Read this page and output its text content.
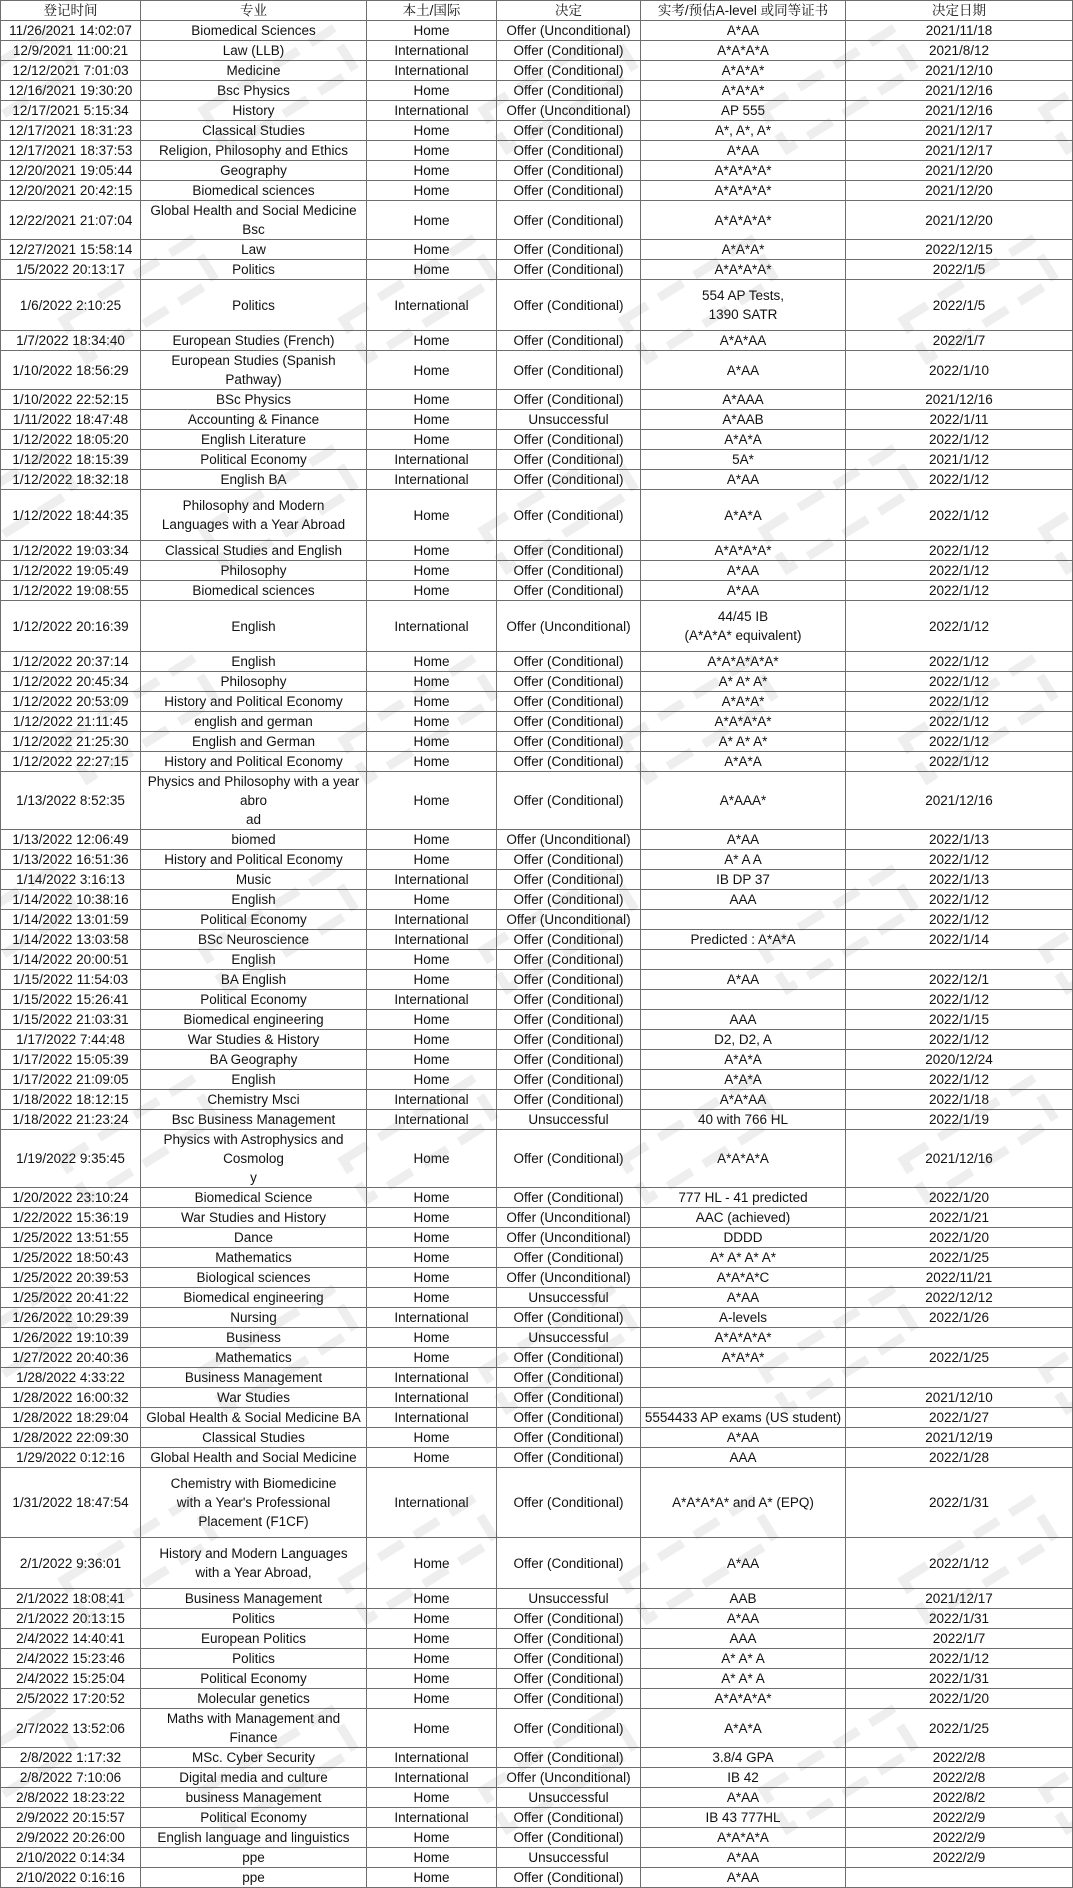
登记时间	专业	本土/国际	决定	实考/预估A-level 或同等证书	决定日期
11/26/2021 14:02:07	Biomedical Sciences	Home	Offer (Unconditional)	A*AA	2021/11/18
12/9/2021 11:00:21	Law (LLB)	International	Offer (Conditional)	A*A*A*A	2021/8/12
12/12/2021 7:01:03	Medicine	International	Offer (Conditional)	A*A*A*	2021/12/10
12/16/2021 19:30:20	Bsc Physics	Home	Offer (Conditional)	A*A*A*	2021/12/16
12/17/2021 5:15:34	History	International	Offer (Unconditional)	AP 555	2021/12/16
12/17/2021 18:31:23	Classical Studies	Home	Offer (Conditional)	A*, A*, A*	2021/12/17
12/17/2021 18:37:53	Religion, Philosophy and Ethics	Home	Offer (Conditional)	A*AA	2021/12/17
12/20/2021 19:05:44	Geography	Home	Offer (Conditional)	A*A*A*A*	2021/12/20
12/20/2021 20:42:15	Biomedical sciences	Home	Offer (Conditional)	A*A*A*A*	2021/12/20
12/22/2021 21:07:04	Global Health and Social Medicine Bsc	Home	Offer (Conditional)	A*A*A*A*	2021/12/20
12/27/2021 15:58:14	Law	Home	Offer (Conditional)	A*A*A*	2022/12/15
1/5/2022 20:13:17	Politics	Home	Offer (Conditional)	A*A*A*A*	2022/1/5
1/6/2022 2:10:25	Politics	International	Offer (Conditional)	554 AP Tests,
1390 SATR	2022/1/5
1/7/2022 18:34:40	European Studies (French)	Home	Offer (Conditional)	A*A*AA	2022/1/7
1/10/2022 18:56:29	European Studies (Spanish Pathway)	Home	Offer (Conditional)	A*AA	2022/1/10
1/10/2022 22:52:15	BSc Physics	Home	Offer (Conditional)	A*AAA	2021/12/16
1/11/2022 18:47:48	Accounting & Finance	Home	Unsuccessful	A*AAB	2022/1/11
1/12/2022 18:05:20	English Literature	Home	Offer (Conditional)	A*A*A	2022/1/12
1/12/2022 18:15:39	Political Economy	International	Offer (Conditional)	5A*	2021/1/12
1/12/2022 18:32:18	English BA	International	Offer (Conditional)	A*AA	2022/1/12
1/12/2022 18:44:35	Philosophy and Modern
Languages with a Year Abroad	Home	Offer (Conditional)	A*A*A	2022/1/12
1/12/2022 19:03:34	Classical Studies and English	Home	Offer (Conditional)	A*A*A*A*	2022/1/12
1/12/2022 19:05:49	Philosophy	Home	Offer (Conditional)	A*AA	2022/1/12
1/12/2022 19:08:55	Biomedical sciences	Home	Offer (Conditional)	A*AA	2022/1/12
1/12/2022 20:16:39	English	International	Offer (Unconditional)	44/45 IB
(A*A*A* equivalent)	2022/1/12
1/12/2022 20:37:14	English	Home	Offer (Conditional)	A*A*A*A*A*	2022/1/12
1/12/2022 20:45:34	Philosophy	Home	Offer (Conditional)	A* A* A*	2022/1/12
1/12/2022 20:53:09	History and Political Economy	Home	Offer (Conditional)	A*A*A*	2022/1/12
1/12/2022 21:11:45	english and german	Home	Offer (Conditional)	A*A*A*A*	2022/1/12
1/12/2022 21:25:30	English and German	Home	Offer (Conditional)	A* A* A*	2022/1/12
1/12/2022 22:27:15	History and Political Economy	Home	Offer (Conditional)	A*A*A	2022/1/12
1/13/2022 8:52:35	Physics and Philosophy with a year abro
ad	Home	Offer (Conditional)	A*AAA*	2021/12/16
1/13/2022 12:06:49	biomed	Home	Offer (Unconditional)	A*AA	2022/1/13
1/13/2022 16:51:36	History and Political Economy	Home	Offer (Conditional)	A* A A	2022/1/12
1/14/2022 3:16:13	Music	International	Offer (Conditional)	IB DP 37	2022/1/13
1/14/2022 10:38:16	English	Home	Offer (Conditional)	AAA	2022/1/12
1/14/2022 13:01:59	Political Economy	International	Offer (Unconditional)		2022/1/12
1/14/2022 13:03:58	BSc Neuroscience	International	Offer (Conditional)	Predicted : A*A*A	2022/1/14
1/14/2022 20:00:51	English	Home	Offer (Conditional)		
1/15/2022 11:54:03	BA English	Home	Offer (Conditional)	A*AA	2022/12/1
1/15/2022 15:26:41	Political Economy	International	Offer (Conditional)		2022/1/12
1/15/2022 21:03:31	Biomedical engineering	Home	Offer (Conditional)	AAA	2022/1/15
1/17/2022 7:44:48	War Studies & History	Home	Offer (Conditional)	D2, D2, A	2022/1/12
1/17/2022 15:05:39	BA Geography	Home	Offer (Conditional)	A*A*A	2020/12/24
1/17/2022 21:09:05	English	Home	Offer (Conditional)	A*A*A	2022/1/12
1/18/2022 18:12:15	Chemistry Msci	International	Offer (Conditional)	A*A*AA	2022/1/18
1/18/2022 21:23:24	Bsc Business Management	International	Unsuccessful	40 with 766 HL	2022/1/19
1/19/2022 9:35:45	Physics with Astrophysics and Cosmolog
y	Home	Offer (Conditional)	A*A*A*A	2021/12/16
1/20/2022 23:10:24	Biomedical Science	Home	Offer (Conditional)	777 HL - 41 predicted	2022/1/20
1/22/2022 15:36:19	War Studies and History	Home	Offer (Unconditional)	AAC (achieved)	2022/1/21
1/25/2022 13:51:55	Dance	Home	Offer (Unconditional)	DDDD	2022/1/20
1/25/2022 18:50:43	Mathematics	Home	Offer (Conditional)	A* A* A* A*	2022/1/25
1/25/2022 20:39:53	Biological sciences	Home	Offer (Unconditional)	A*A*A*C	2022/11/21
1/25/2022 20:41:22	Biomedical engineering	Home	Unsuccessful	A*AA	2022/12/12
1/26/2022 10:29:39	Nursing	International	Offer (Conditional)	A-levels	2022/1/26
1/26/2022 19:10:39	Business	Home	Unsuccessful	A*A*A*A*	
1/27/2022 20:40:36	Mathematics	Home	Offer (Conditional)	A*A*A*	2022/1/25
1/28/2022 4:33:22	Business Management	International	Offer (Conditional)		
1/28/2022 16:00:32	War Studies	International	Offer (Conditional)		2021/12/10
1/28/2022 18:29:04	Global Health & Social Medicine BA	International	Offer (Conditional)	5554433 AP exams (US student)	2022/1/27
1/28/2022 22:09:30	Classical Studies	Home	Offer (Conditional)	A*AA	2021/12/19
1/29/2022 0:12:16	Global Health and Social Medicine	Home	Offer (Conditional)	AAA	2022/1/28
1/31/2022 18:47:54	Chemistry with Biomedicine
with a Year's Professional
Placement (F1CF)	International	Offer (Conditional)	A*A*A*A* and A* (EPQ)	2022/1/31
2/1/2022 9:36:01	History and Modern Languages
with a Year Abroad,	Home	Offer (Conditional)	A*AA	2022/1/12
2/1/2022 18:08:41	Business Management	Home	Unsuccessful	AAB	2021/12/17
2/1/2022 20:13:15	Politics	Home	Offer (Conditional)	A*AA	2022/1/31
2/4/2022 14:40:41	European Politics	Home	Offer (Conditional)	AAA	2022/1/7
2/4/2022 15:23:46	Politics	Home	Offer (Conditional)	A* A* A	2022/1/12
2/4/2022 15:25:04	Political Economy	Home	Offer (Conditional)	A* A* A	2022/1/31
2/5/2022 17:20:52	Molecular genetics	Home	Offer (Conditional)	A*A*A*A*	2022/1/20
2/7/2022 13:52:06	Maths with Management and Finance	Home	Offer (Conditional)	A*A*A	2022/1/25
2/8/2022 1:17:32	MSc. Cyber Security	International	Offer (Conditional)	3.8/4 GPA	2022/2/8
2/8/2022 7:10:06	Digital media and culture	International	Offer (Unconditional)	IB 42	2022/2/8
2/8/2022 18:23:22	business Management	Home	Unsuccessful	A*AA	2022/8/2
2/9/2022 20:15:57	Political Economy	International	Offer (Conditional)	IB 43 777HL	2022/2/9
2/9/2022 20:26:00	English language and linguistics	Home	Offer (Conditional)	A*A*A*A	2022/2/9
2/10/2022 0:14:34	ppe	Home	Unsuccessful	A*AA	2022/2/9
2/10/2022 0:16:16	ppe	Home	Offer (Conditional)	A*AA	
